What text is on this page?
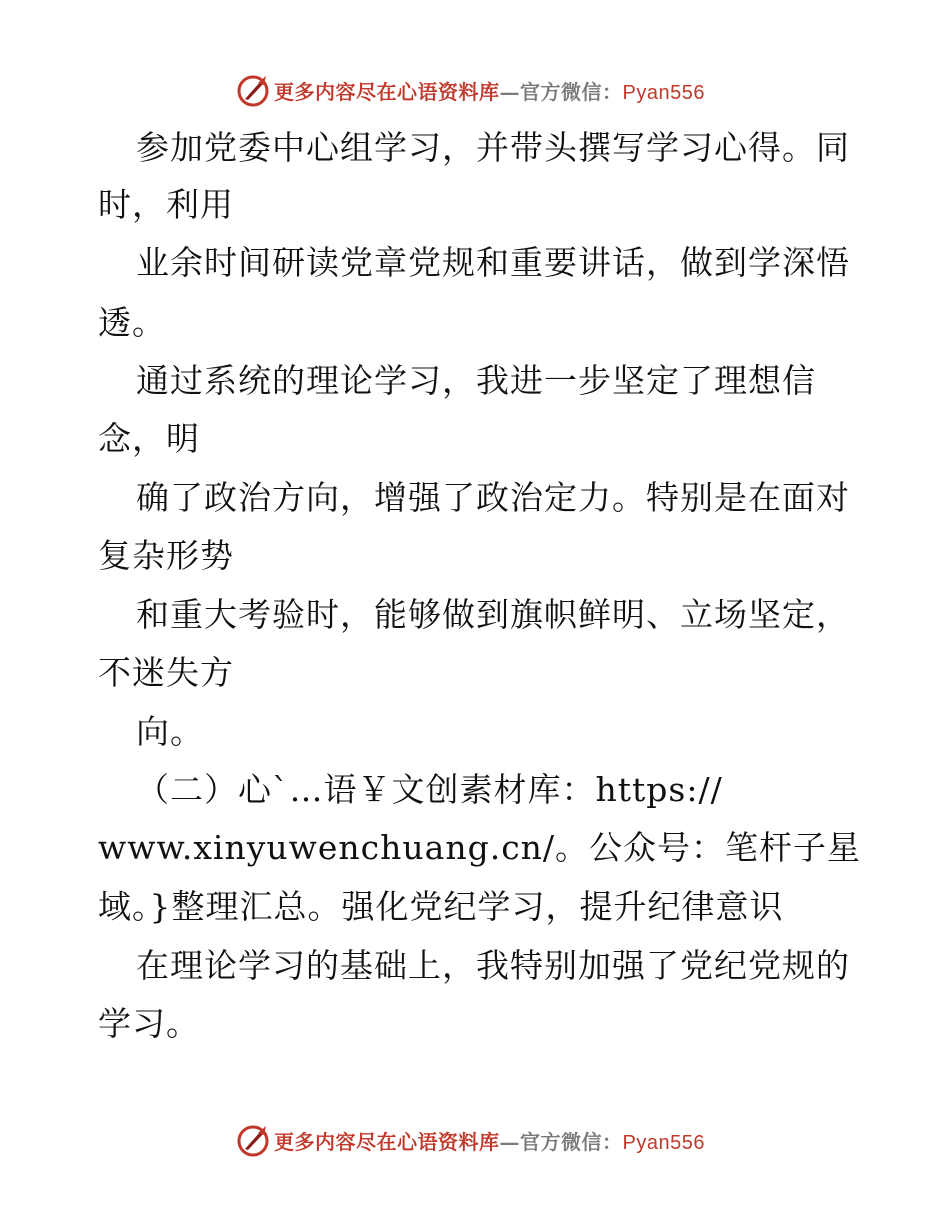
更多内容尽在心语资料库—官方微信：Pyan556
参加党委中心组学习，并带头撰写学习心得。同
时，利用
业余时间研读党章党规和重要讲话，做到学深悟
透。
通过系统的理论学习，我进一步坚定了理想信
念，明
确了政治方向，增强了政治定力。特别是在面对
复杂形势
和重大考验时，能够做到旗帜鲜明、立场坚定，
不迷失方
向。
（二）心`…语￥文创素材库：https://
www.xinyuwenchuang.cn/。公众号：笔杆子星
域。}整理汇总。强化党纪学习，提升纪律意识
在理论学习的基础上，我特别加强了党纪党规的
学习。
更多内容尽在心语资料库—官方微信：Pyan556
